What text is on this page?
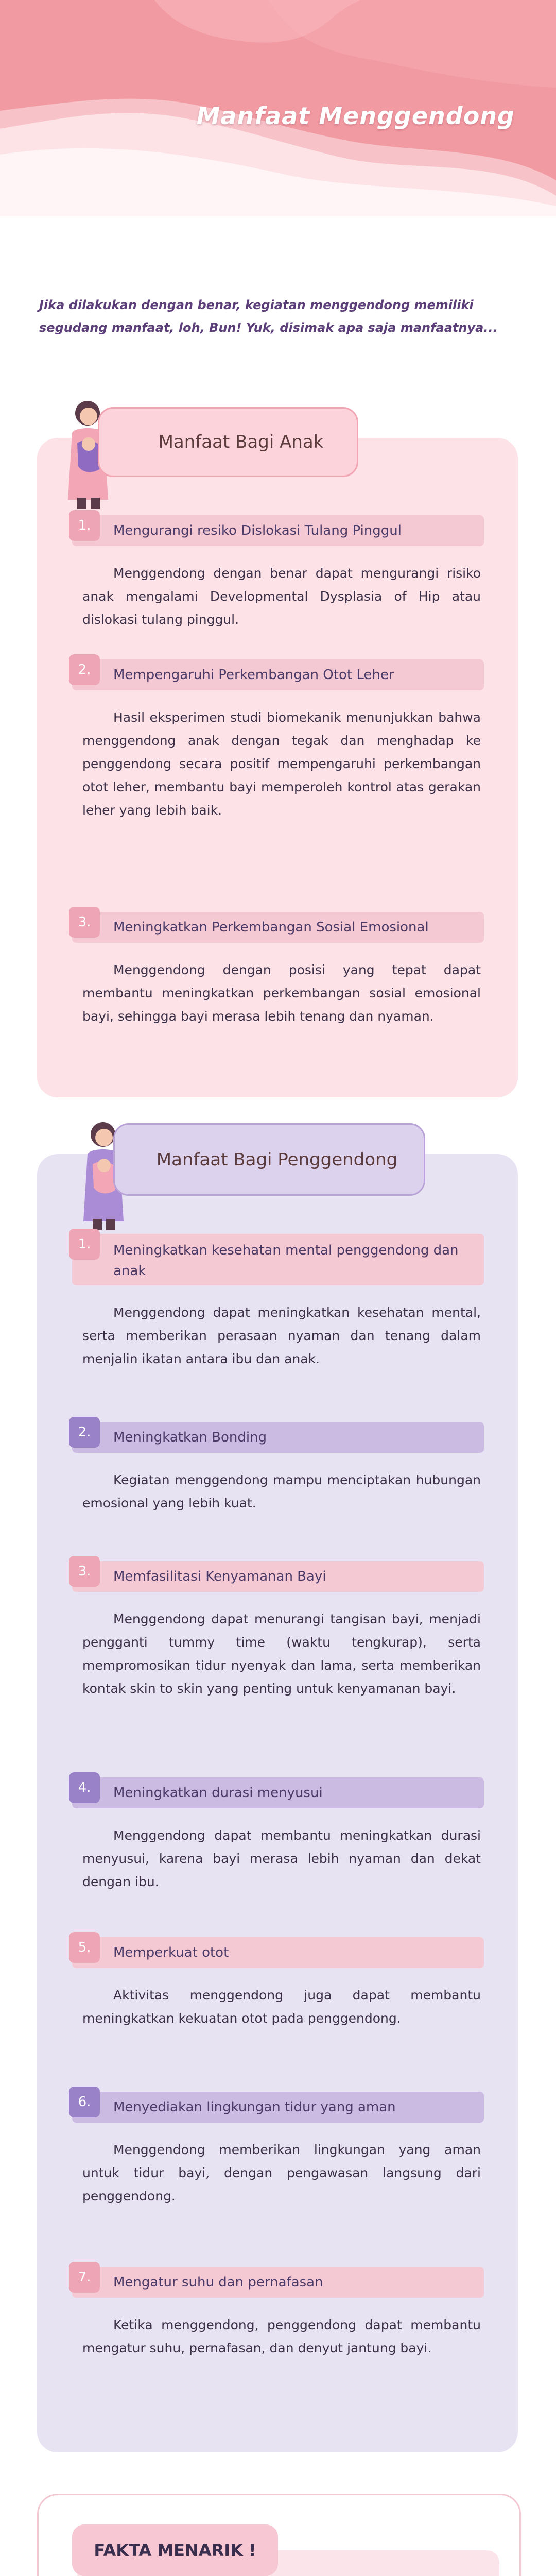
Manfaat Menggendong
Jika dilakukan dengan benar, kegiatan menggendong memiliki segudang manfaat, loh, Bun! Yuk, disimak apa saja manfaatnya...
Manfaat Bagi Anak
1.	Mengurangi resiko Dislokasi Tulang Pinggul
Menggendong dengan benar dapat mengurangi risiko anak mengalami Developmental Dysplasia of Hip atau dislokasi tulang pinggul.
2.	Mempengaruhi Perkembangan Otot Leher
Hasil eksperimen studi biomekanik menunjukkan bahwa menggendong anak dengan tegak dan menghadap ke penggendong secara positif mempengaruhi perkembangan otot leher, membantu bayi memperoleh kontrol atas gerakan leher yang lebih baik.
3.	Meningkatkan Perkembangan Sosial Emosional
Menggendong dengan posisi yang tepat dapat membantu meningkatkan perkembangan sosial emosional bayi, sehingga bayi merasa lebih tenang dan nyaman.
Manfaat Bagi Penggendong
1.	Meningkatkan kesehatan mental penggendong dan anak
Menggendong dapat meningkatkan kesehatan mental, serta memberikan perasaan nyaman dan tenang dalam menjalin ikatan antara ibu dan anak.
2.	Meningkatkan Bonding
Kegiatan menggendong mampu menciptakan hubungan emosional yang lebih kuat.
3.	Memfasilitasi Kenyamanan Bayi
Menggendong dapat menurangi tangisan bayi, menjadi pengganti tummy time (waktu tengkurap), serta mempromosikan tidur nyenyak dan lama, serta memberikan kontak skin to skin yang penting untuk kenyamanan bayi.
4.	Meningkatkan durasi menyusui
Menggendong dapat membantu meningkatkan durasi menyusui, karena bayi merasa lebih nyaman dan dekat dengan ibu.
5.	Memperkuat otot
Aktivitas menggendong juga dapat membantu meningkatkan kekuatan otot pada penggendong.
6.	Menyediakan lingkungan tidur yang aman
Menggendong memberikan lingkungan yang aman untuk tidur bayi, dengan pengawasan langsung dari penggendong.
7.	Mengatur suhu dan pernafasan
Ketika menggendong, penggendong dapat membantu mengatur suhu, pernafasan, dan denyut jantung bayi.
FAKTA MENARIK !
